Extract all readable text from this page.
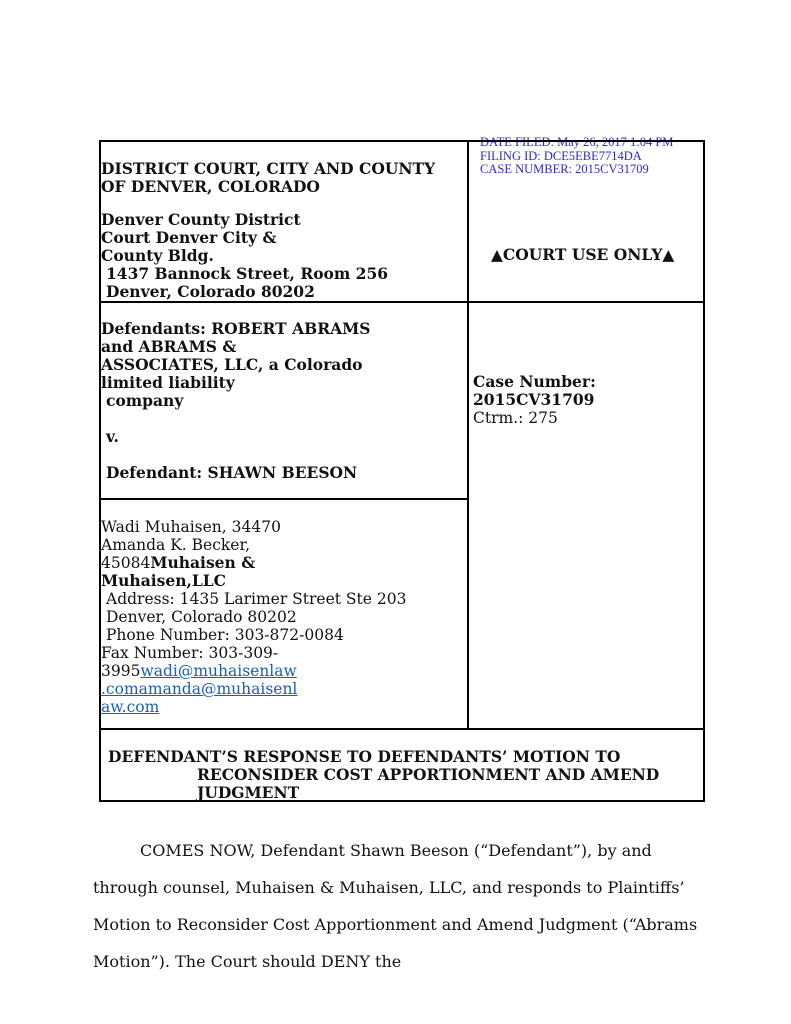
DATE FILED: May 26, 2017 1:04 PM
FILING ID: DCE5EBE7714DA
CASE NUMBER: 2015CV31709
DISTRICT COURT, CITY AND COUNTY
OF DENVER, COLORADO
Denver County District
Court Denver City &
County Bldg.
1437 Bannock Street, Room 256
Denver, Colorado 80202
▲COURT USE ONLY▲
Defendants: ROBERT ABRAMS
and ABRAMS &
ASSOCIATES, LLC, a Colorado
limited liability
company
v.
Defendant: SHAWN BEESON
Case Number:
2015CV31709
Ctrm.: 275
Wadi Muhaisen, 34470
Amanda K. Becker,
45084Muhaisen &
Muhaisen,LLC
Address: 1435 Larimer Street Ste 203
Denver, Colorado 80202
Phone Number: 303-872-0084
Fax Number: 303-309-
3995wadi@muhaisenlaw
.comamanda@muhaisenl
aw.com
DEFENDANT’S RESPONSE TO DEFENDANTS’ MOTION TO
RECONSIDER COST APPORTIONMENT AND AMEND
JUDGMENT

COMES NOW, Defendant Shawn Beeson (“Defendant”), by and

through counsel, Muhaisen & Muhaisen, LLC, and responds to Plaintiffs’

Motion to Reconsider Cost Apportionment and Amend Judgment (“Abrams

Motion”). The Court should DENY the
